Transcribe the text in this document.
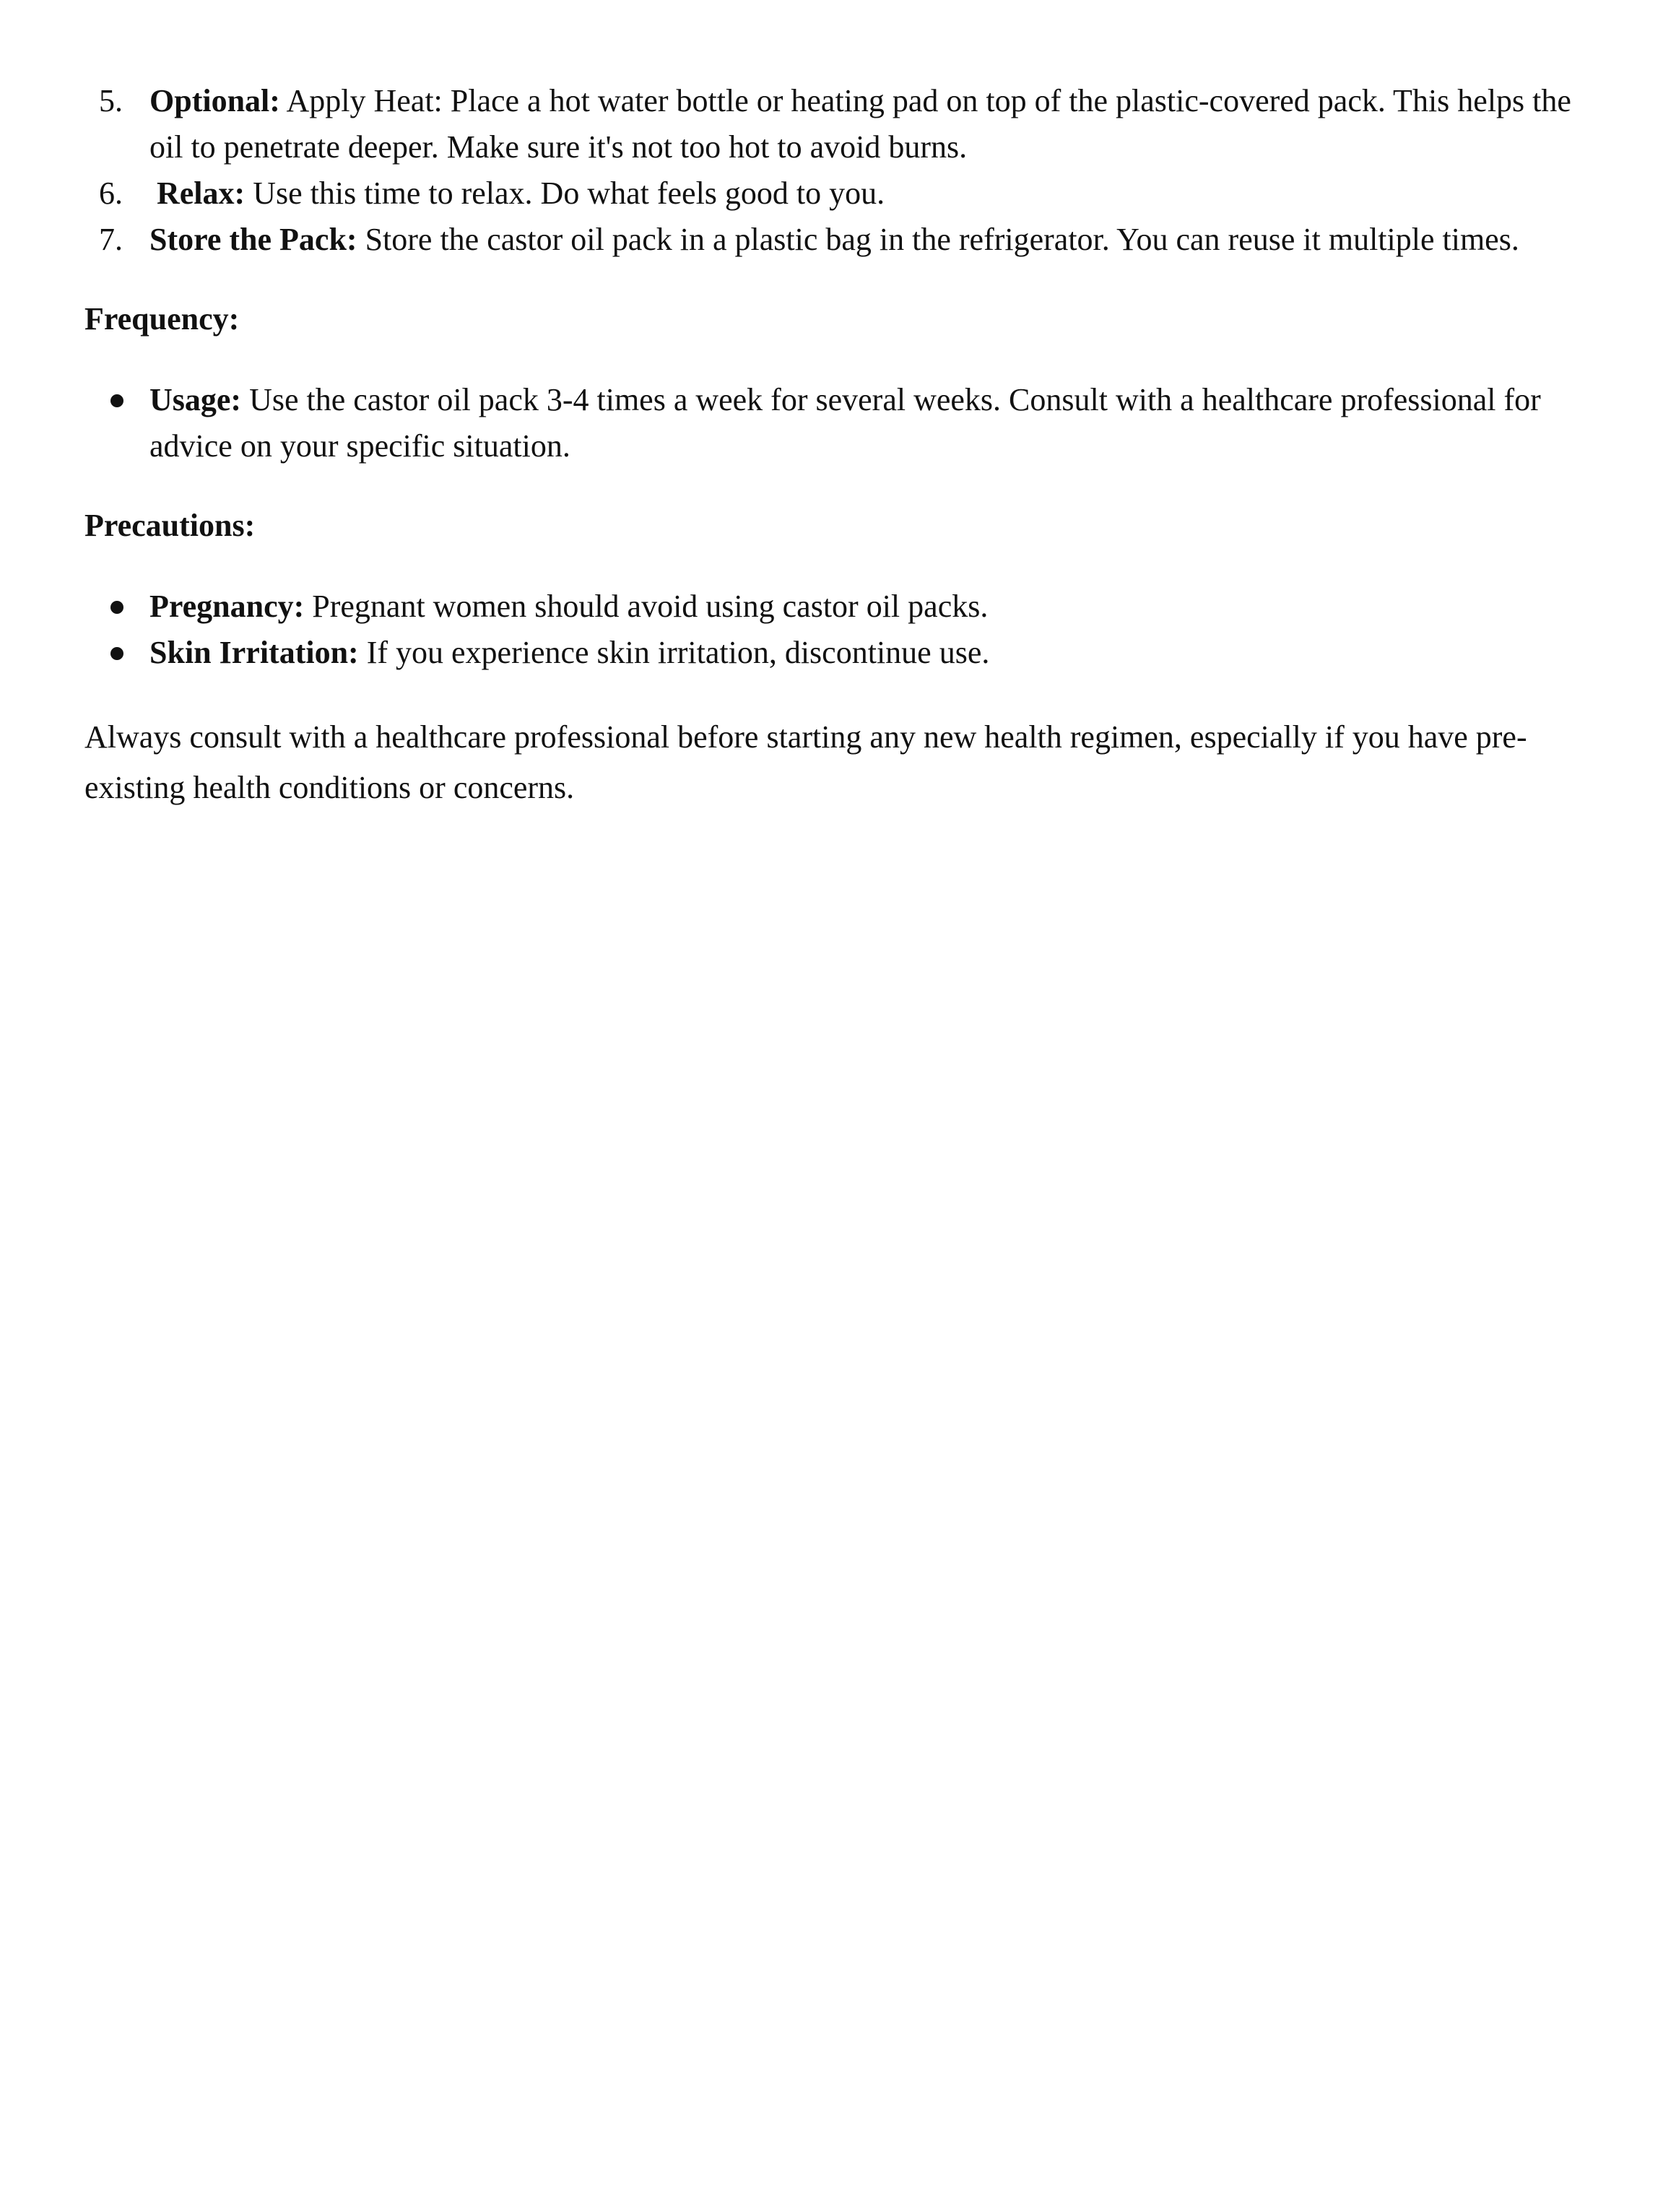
5. Optional: Apply Heat: Place a hot water bottle or heating pad on top of the plastic-covered pack. This helps the oil to penetrate deeper. Make sure it's not too hot to avoid burns.
6.	Relax: Use this time to relax. Do what feels good to you.
7. Store the Pack: Store the castor oil pack in a plastic bag in the refrigerator. You can reuse it multiple times.
Frequency:
Usage: Use the castor oil pack 3-4 times a week for several weeks. Consult with a healthcare professional for advice on your specific situation.
Precautions:
Pregnancy: Pregnant women should avoid using castor oil packs.
Skin Irritation: If you experience skin irritation, discontinue use.

Always consult with a healthcare professional before starting any new health regimen, especially if you have pre-existing health conditions or concerns.
